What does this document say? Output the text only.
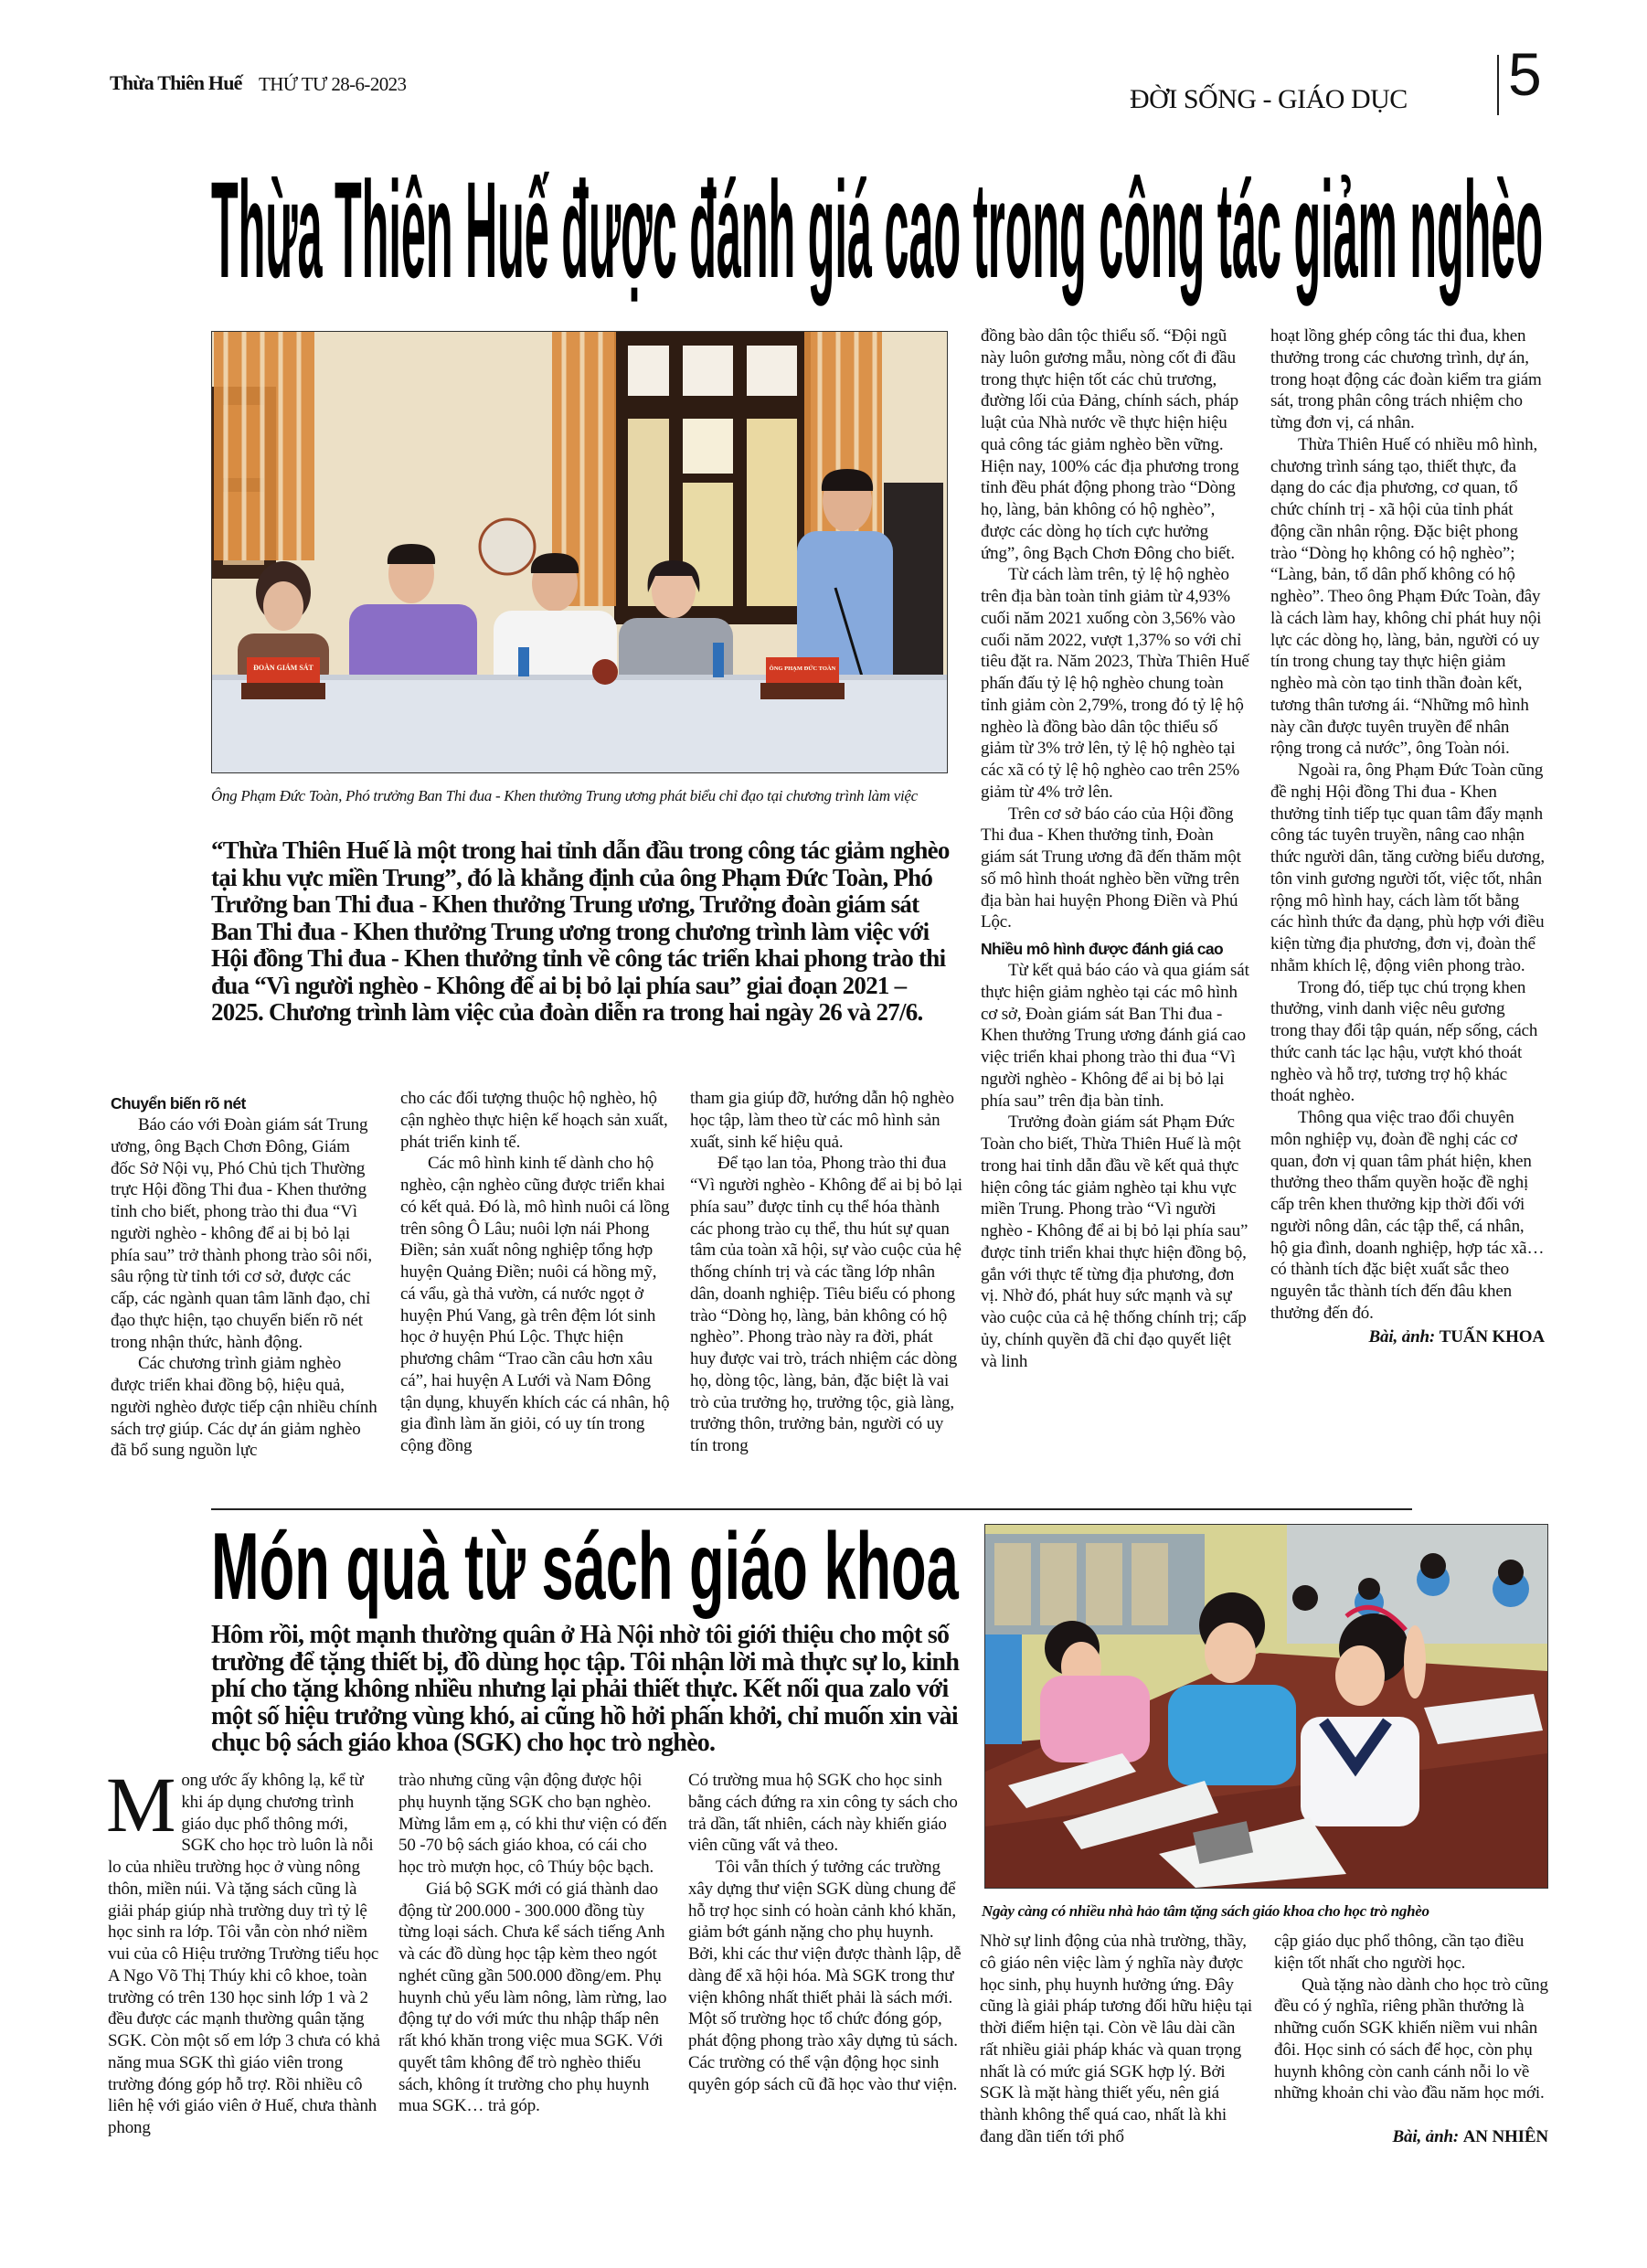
Thừa Thiên Huế THỨ TƯ 28-6-2023	ĐỜI SỐNG - GIÁO DỤC 5
Thừa Thiên Huế được đánh giá cao trong công tác giảm nghèo
ĐOÀN GIÁM SÁT	ÔNG PHẠM ĐỨC TOÀN
Ông Phạm Đức Toàn, Phó trưởng Ban Thi đua - Khen thưởng Trung ương phát biểu chỉ đạo tại chương trình làm việc

“Thừa Thiên Huế là một trong hai tỉnh dẫn đầu trong công tác giảm nghèo tại khu vực miền Trung”, đó là khẳng định của ông Phạm Đức Toàn, Phó Trưởng ban Thi đua - Khen thưởng Trung ương, Trưởng đoàn giám sát Ban Thi đua - Khen thưởng Trung ương trong chương trình làm việc với Hội đồng Thi đua - Khen thưởng tỉnh về công tác triển khai phong trào thi đua “Vì người nghèo - Không để ai bị bỏ lại phía sau” giai đoạn 2021 – 2025. Chương trình làm việc của đoàn diễn ra trong hai ngày 26 và 27/6.

Chuyển biến rõ nét

Báo cáo với Đoàn giám sát Trung ương, ông Bạch Chơn Đông, Giám đốc Sở Nội vụ, Phó Chủ tịch Thường trực Hội đồng Thi đua - Khen thưởng tỉnh cho biết, phong trào thi đua “Vì người nghèo - không để ai bị bỏ lại phía sau” trở thành phong trào sôi nổi, sâu rộng từ tỉnh tới cơ sở, được các cấp, các ngành quan tâm lãnh đạo, chỉ đạo thực hiện, tạo chuyển biến rõ nét trong nhận thức, hành động.

Các chương trình giảm nghèo được triển khai đồng bộ, hiệu quả, người nghèo được tiếp cận nhiều chính sách trợ giúp. Các dự án giảm nghèo đã bổ sung nguồn lực

cho các đối tượng thuộc hộ nghèo, hộ cận nghèo thực hiện kế hoạch sản xuất, phát triển kinh tế.

Các mô hình kinh tế dành cho hộ nghèo, cận nghèo cũng được triển khai có kết quả. Đó là, mô hình nuôi cá lồng trên sông Ô Lâu; nuôi lợn nái Phong Điền; sản xuất nông nghiệp tổng hợp huyện Quảng Điền; nuôi cá hồng mỹ, cá vẩu, gà thả vườn, cá nước ngọt ở huyện Phú Vang, gà trên đệm lót sinh học ở huyện Phú Lộc. Thực hiện phương châm “Trao cần câu hơn xâu cá”, hai huyện A Lưới và Nam Đông tận dụng, khuyến khích các cá nhân, hộ gia đình làm ăn giỏi, có uy tín trong cộng đồng

tham gia giúp đỡ, hướng dẫn hộ nghèo học tập, làm theo từ các mô hình sản xuất, sinh kế hiệu quả.

Để tạo lan tỏa, Phong trào thi đua “Vì người nghèo - Không để ai bị bỏ lại phía sau” được tỉnh cụ thể hóa thành các phong trào cụ thể, thu hút sự quan tâm của toàn xã hội, sự vào cuộc của hệ thống chính trị và các tầng lớp nhân dân, doanh nghiệp. Tiêu biểu có phong trào “Dòng họ, làng, bản không có hộ nghèo”. Phong trào này ra đời, phát huy được vai trò, trách nhiệm các dòng họ, dòng tộc, làng, bản, đặc biệt là vai trò của trưởng họ, trưởng tộc, già làng, trưởng thôn, trưởng bản, người có uy tín trong

đồng bào dân tộc thiểu số. “Đội ngũ này luôn gương mẫu, nòng cốt đi đầu trong thực hiện tốt các chủ trương, đường lối của Đảng, chính sách, pháp luật của Nhà nước về thực hiện hiệu quả công tác giảm nghèo bền vững. Hiện nay, 100% các địa phương trong tỉnh đều phát động phong trào “Dòng họ, làng, bản không có hộ nghèo”, được các dòng họ tích cực hưởng ứng”, ông Bạch Chơn Đông cho biết.

Từ cách làm trên, tỷ lệ hộ nghèo trên địa bàn toàn tỉnh giảm từ 4,93% cuối năm 2021 xuống còn 3,56% vào cuối năm 2022, vượt 1,37% so với chỉ tiêu đặt ra. Năm 2023, Thừa Thiên Huế phấn đấu tỷ lệ hộ nghèo chung toàn tỉnh giảm còn 2,79%, trong đó tỷ lệ hộ nghèo là đồng bào dân tộc thiểu số giảm từ 3% trở lên, tỷ lệ hộ nghèo tại các xã có tỷ lệ hộ nghèo cao trên 25% giảm từ 4% trở lên.

Trên cơ sở báo cáo của Hội đồng Thi đua - Khen thưởng tỉnh, Đoàn giám sát Trung ương đã đến thăm một số mô hình thoát nghèo bền vững trên địa bàn hai huyện Phong Điền và Phú Lộc.

Nhiều mô hình được đánh giá cao

Từ kết quả báo cáo và qua giám sát thực hiện giảm nghèo tại các mô hình cơ sở, Đoàn giám sát Ban Thi đua - Khen thưởng Trung ương đánh giá cao việc triển khai phong trào thi đua “Vì người nghèo - Không để ai bị bỏ lại phía sau” trên địa bàn tỉnh.

Trưởng đoàn giám sát Phạm Đức Toàn cho biết, Thừa Thiên Huế là một trong hai tỉnh dẫn đầu về kết quả thực hiện công tác giảm nghèo tại khu vực miền Trung. Phong trào “Vì người nghèo - Không để ai bị bỏ lại phía sau” được tỉnh triển khai thực hiện đồng bộ, gắn với thực tế từng địa phương, đơn vị. Nhờ đó, phát huy sức mạnh và sự vào cuộc của cả hệ thống chính trị; cấp ủy, chính quyền đã chỉ đạo quyết liệt và linh

hoạt lồng ghép công tác thi đua, khen thưởng trong các chương trình, dự án, trong hoạt động các đoàn kiểm tra giám sát, trong phân công trách nhiệm cho từng đơn vị, cá nhân.

Thừa Thiên Huế có nhiều mô hình, chương trình sáng tạo, thiết thực, đa dạng do các địa phương, cơ quan, tổ chức chính trị - xã hội của tỉnh phát động cần nhân rộng. Đặc biệt phong trào “Dòng họ không có hộ nghèo”; “Làng, bản, tổ dân phố không có hộ nghèo”. Theo ông Phạm Đức Toàn, đây là cách làm hay, không chỉ phát huy nội lực các dòng họ, làng, bản, người có uy tín trong chung tay thực hiện giảm nghèo mà còn tạo tinh thần đoàn kết, tương thân tương ái. “Những mô hình này cần được tuyên truyền để nhân rộng trong cả nước”, ông Toàn nói.

Ngoài ra, ông Phạm Đức Toàn cũng đề nghị Hội đồng Thi đua - Khen thưởng tỉnh tiếp tục quan tâm đẩy mạnh công tác tuyên truyền, nâng cao nhận thức người dân, tăng cường biểu dương, tôn vinh gương người tốt, việc tốt, nhân rộng mô hình hay, cách làm tốt bằng các hình thức đa dạng, phù hợp với điều kiện từng địa phương, đơn vị, đoàn thể nhằm khích lệ, động viên phong trào.

Trong đó, tiếp tục chú trọng khen thưởng, vinh danh việc nêu gương trong thay đổi tập quán, nếp sống, cách thức canh tác lạc hậu, vượt khó thoát nghèo và hỗ trợ, tương trợ hộ khác thoát nghèo.

Thông qua việc trao đổi chuyên môn nghiệp vụ, đoàn đề nghị các cơ quan, đơn vị quan tâm phát hiện, khen thưởng theo thẩm quyền hoặc đề nghị cấp trên khen thưởng kịp thời đối với người nông dân, các tập thể, cá nhân, hộ gia đình, doanh nghiệp, hợp tác xã… có thành tích đặc biệt xuất sắc theo nguyên tắc thành tích đến đâu khen thưởng đến đó.

Bài, ảnh: TUẤN KHOA
Món quà từ sách giáo khoa
Ngày càng có nhiều nhà hảo tâm tặng sách giáo khoa cho học trò nghèo

Hôm rồi, một mạnh thường quân ở Hà Nội nhờ tôi giới thiệu cho một số trường để tặng thiết bị, đồ dùng học tập. Tôi nhận lời mà thực sự lo, kinh phí cho tặng không nhiều nhưng lại phải thiết thực. Kết nối qua zalo với một số hiệu trưởng vùng khó, ai cũng hồ hởi phấn khởi, chỉ muốn xin vài chục bộ sách giáo khoa (SGK) cho học trò nghèo.

Mong ước ấy không lạ, kể từ khi áp dụng chương trình giáo dục phổ thông mới, SGK cho học trò luôn là nỗi lo của nhiều trường học ở vùng nông thôn, miền núi. Và tặng sách cũng là giải pháp giúp nhà trường duy trì tỷ lệ học sinh ra lớp. Tôi vẫn còn nhớ niềm vui của cô Hiệu trưởng Trường tiểu học A Ngo Võ Thị Thúy khi cô khoe, toàn trường có trên 130 học sinh lớp 1 và 2 đều được các mạnh thường quân tặng SGK. Còn một số em lớp 3 chưa có khả năng mua SGK thì giáo viên trong trường đóng góp hỗ trợ. Rồi nhiều cô liên hệ với giáo viên ở Huế, chưa thành phong

trào nhưng cũng vận động được hội phụ huynh tặng SGK cho bạn nghèo. Mừng lắm em ạ, có khi thư viện có đến 50 -70 bộ sách giáo khoa, có cái cho học trò mượn học, cô Thúy bộc bạch.

Giá bộ SGK mới có giá thành dao động từ 200.000 - 300.000 đồng tùy từng loại sách. Chưa kể sách tiếng Anh và các đồ dùng học tập kèm theo ngót nghét cũng gần 500.000 đồng/em. Phụ huynh chủ yếu làm nông, làm rừng, lao động tự do với mức thu nhập thấp nên rất khó khăn trong việc mua SGK. Với quyết tâm không để trò nghèo thiếu sách, không ít trường cho phụ huynh mua SGK… trả góp.

Có trường mua hộ SGK cho học sinh bằng cách đứng ra xin công ty sách cho trả dần, tất nhiên, cách này khiến giáo viên cũng vất vả theo.

Tôi vẫn thích ý tưởng các trường xây dựng thư viện SGK dùng chung để hỗ trợ học sinh có hoàn cảnh khó khăn, giảm bớt gánh nặng cho phụ huynh. Bởi, khi các thư viện được thành lập, dễ dàng để xã hội hóa. Mà SGK trong thư viện không nhất thiết phải là sách mới. Một số trường học tổ chức đóng góp, phát động phong trào xây dựng tủ sách. Các trường có thể vận động học sinh quyên góp sách cũ đã học vào thư viện.

Nhờ sự linh động của nhà trường, thầy, cô giáo nên việc làm ý nghĩa này được học sinh, phụ huynh hưởng ứng. Đây cũng là giải pháp tương đối hữu hiệu tại thời điểm hiện tại. Còn về lâu dài cần rất nhiều giải pháp khác và quan trọng nhất là có mức giá SGK hợp lý. Bởi SGK là mặt hàng thiết yếu, nên giá thành không thể quá cao, nhất là khi đang dần tiến tới phổ

cập giáo dục phổ thông, cần tạo điều kiện tốt nhất cho người học.

Quà tặng nào dành cho học trò cũng đều có ý nghĩa, riêng phần thưởng là những cuốn SGK khiến niềm vui nhân đôi. Học sinh có sách để học, còn phụ huynh không còn canh cánh nỗi lo về những khoản chi vào đầu năm học mới.

Bài, ảnh: AN NHIÊN
